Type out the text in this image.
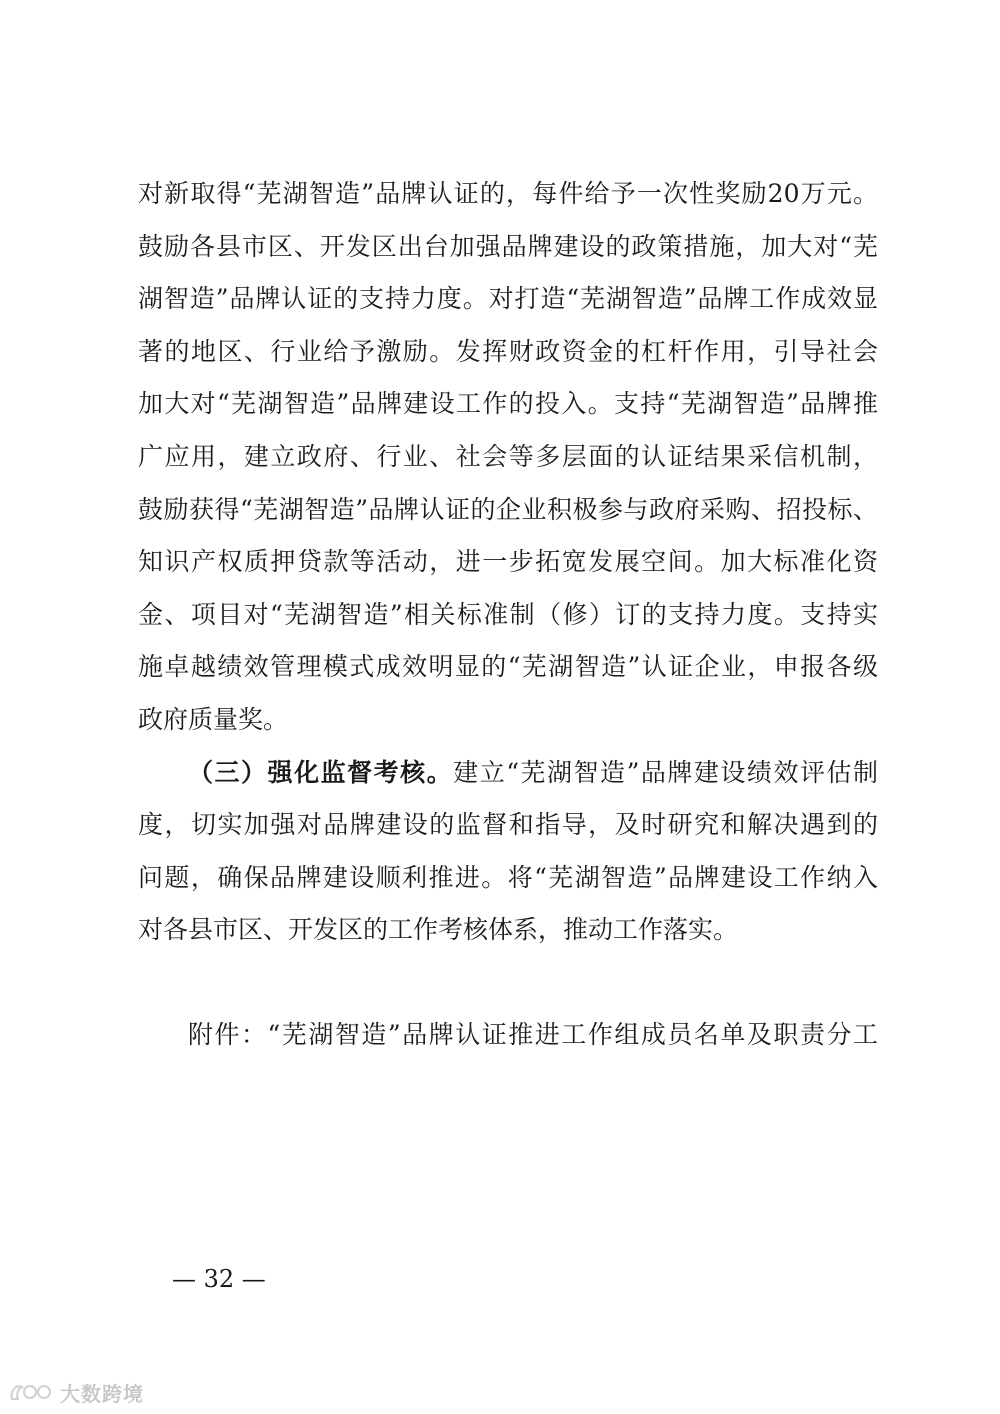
对新取得“芜湖智造”品牌认证的，每件给予一次性奖励20万元。
鼓励各县市区、开发区出台加强品牌建设的政策措施，加大对“芜
湖智造”品牌认证的支持力度。对打造“芜湖智造”品牌工作成效显
著的地区、行业给予激励。发挥财政资金的杠杆作用，引导社会
加大对“芜湖智造”品牌建设工作的投入。支持“芜湖智造”品牌推
广应用，建立政府、行业、社会等多层面的认证结果采信机制，
鼓励获得“芜湖智造”品牌认证的企业积极参与政府采购、招投标、
知识产权质押贷款等活动，进一步拓宽发展空间。加大标准化资
金、项目对“芜湖智造”相关标准制（修）订的支持力度。支持实
施卓越绩效管理模式成效明显的“芜湖智造”认证企业，申报各级
政府质量奖。
（三）强化监督考核。建立“芜湖智造”品牌建设绩效评估制
度，切实加强对品牌建设的监督和指导，及时研究和解决遇到的
问题，确保品牌建设顺利推进。将“芜湖智造”品牌建设工作纳入
对各县市区、开发区的工作考核体系，推动工作落实。
附件：“芜湖智造”品牌认证推进工作组成员名单及职责分工
— 32 —
大数跨境
